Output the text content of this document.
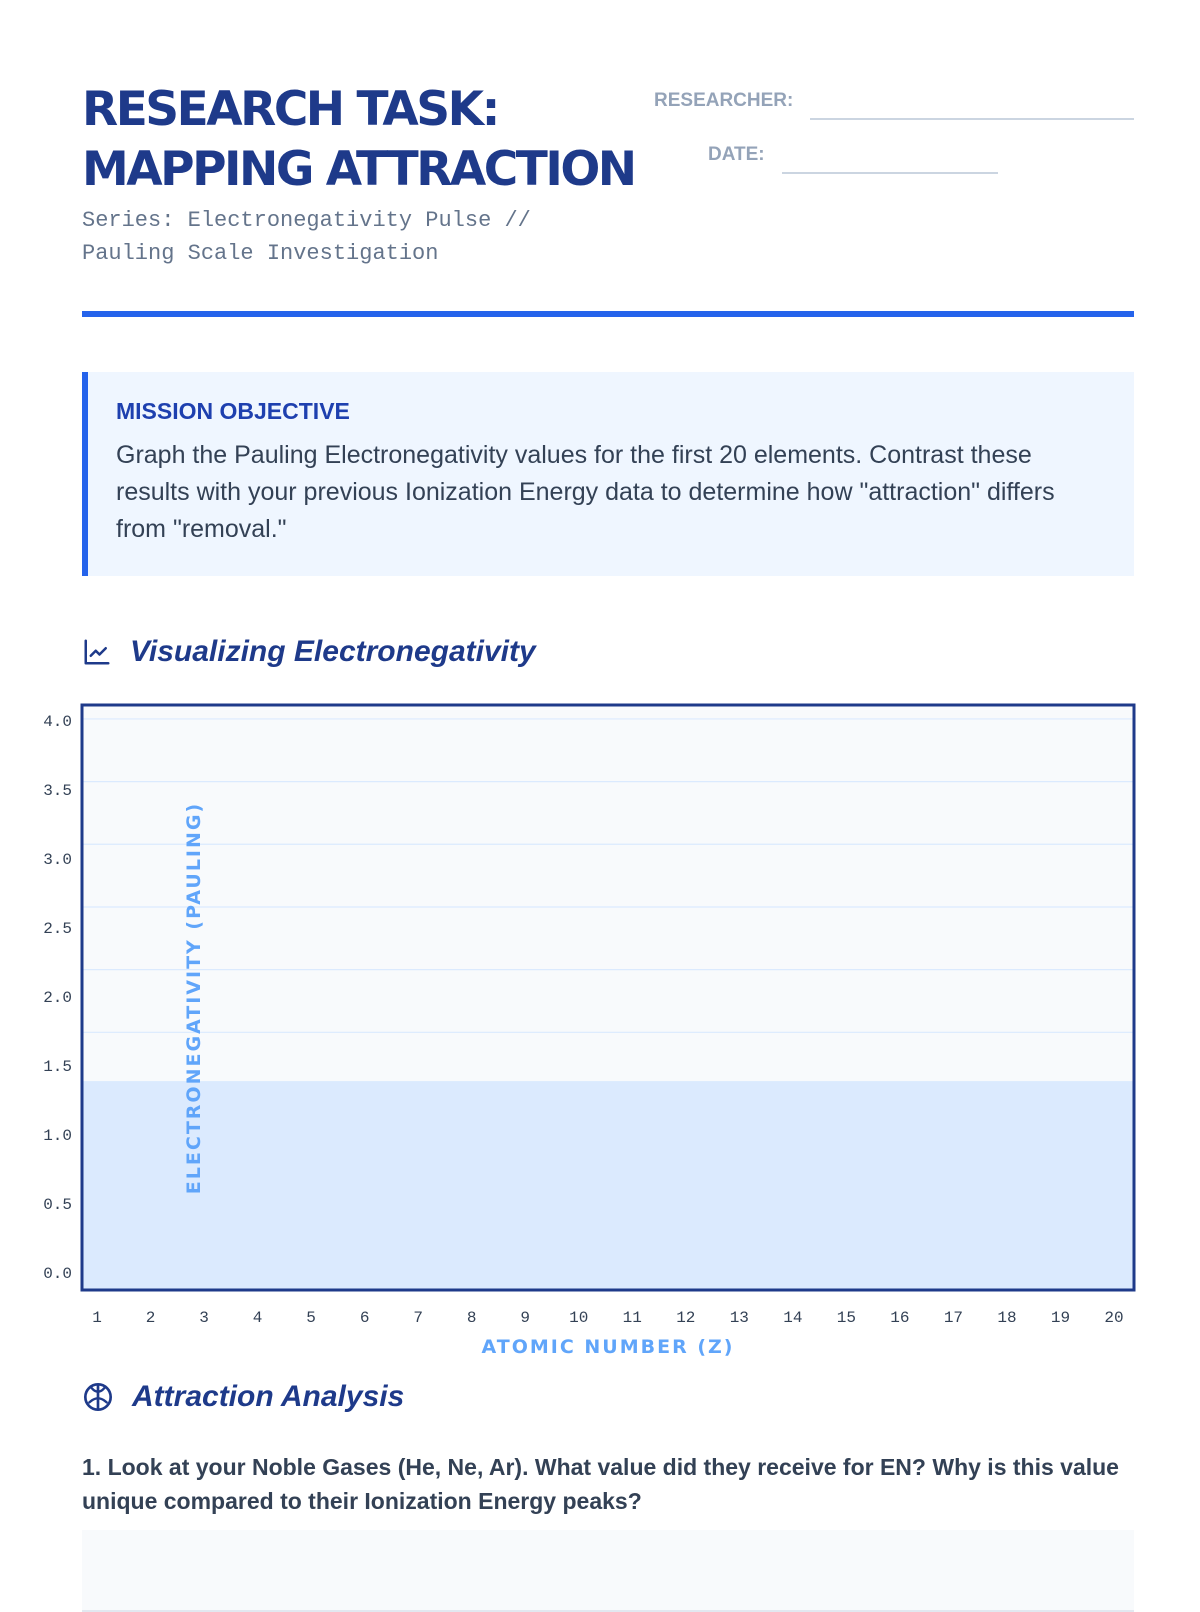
RESEARCH TASK:
MAPPING ATTRACTION
Series: Electronegativity Pulse //
Pauling Scale Investigation
RESEARCHER:
DATE:
MISSION OBJECTIVE
Graph the Pauling Electronegativity values for the first 20 elements. Contrast these results with your previous Ionization Energy data to determine how "attraction" differs from "removal."
Visualizing Electronegativity
4.0
3.5
3.0
2.5
2.0
1.5
1.0
0.5
0.0
1	2	3	4	5	6	7	8	9 10 11 12 13 14 15 16 17 18 19 20
ATOMIC NUMBER (Z)
ELECTRONEGATIVITY (PAULING)
Attraction Analysis
1. Look at your Noble Gases (He, Ne, Ar). What value did they receive for EN? Why is this value unique compared to their Ionization Energy peaks?
